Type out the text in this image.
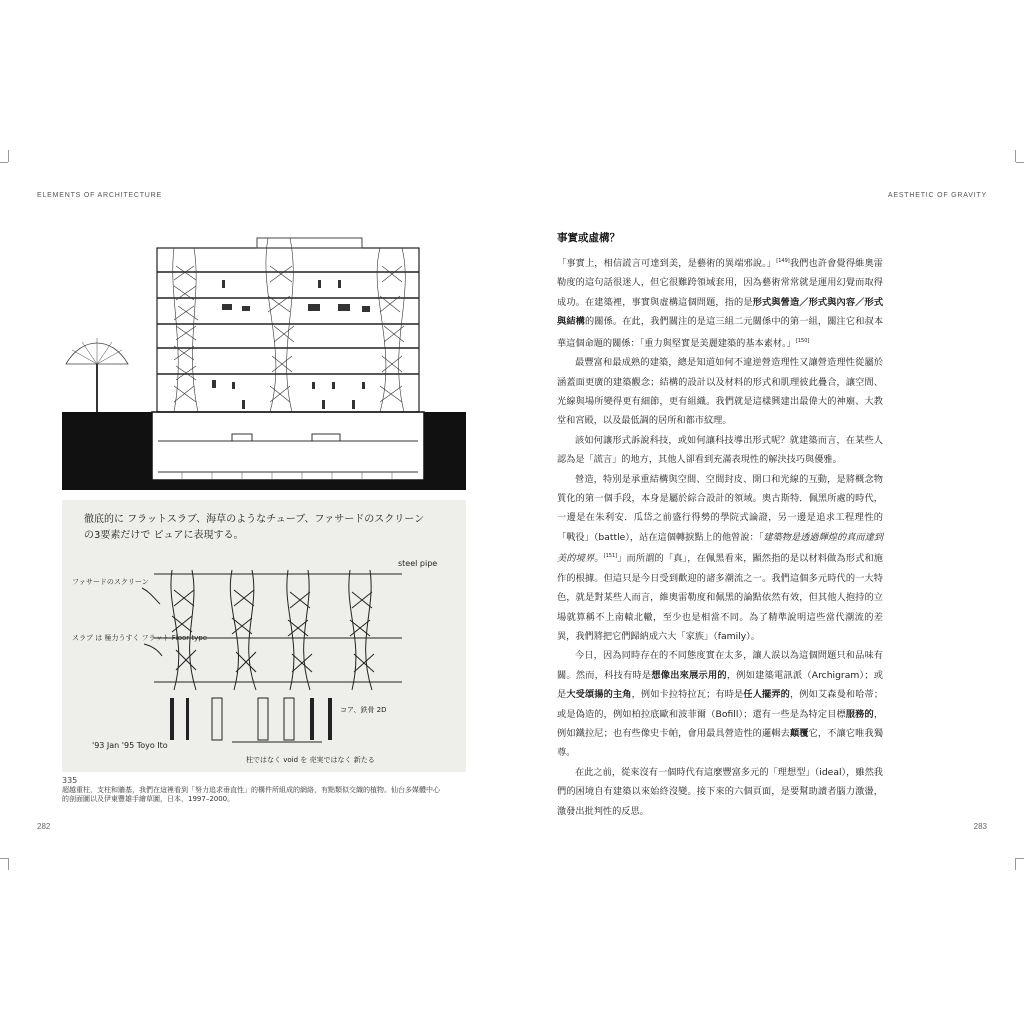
ELEMENTS OF ARCHITECTURE	AESTHETIC OF GRAVITY
徹底的に フラットスラブ、海草のようなチューブ、ファサードのスクリーン
の3要素だけで ピュアに表現する。
steel pipe
ファサードのスクリーン
スラブ は 極力うすく フラット Floor type
コア、鉄骨 2D
'93 Jan '95 Toyo Ito
柱ではなく void を 売実ではなく 新たる
335
超越重柱，支柱和牆基，我們在這裡看到「努力追求垂直性」的構件所組成的網絡，有點類似交織的植物。仙台多媒體中心
的剖面圖以及伊東豐雄手繪草圖，日本，1997–2000。
282	283
事實或虛構？

「事實上，相信謊言可達到美，是藝術的異端邪說。」[149]我們也許會覺得維奧雷勒度的這句話很迷人，但它很難跨領域套用，因為藝術常常就是運用幻覺而取得成功。在建築裡，事實與虛構這個問題，指的是形式與營造／形式與內容／形式與結構的關係。在此，我們關注的是這三組二元關係中的第一組，關注它和叔本華這個命題的關係：「重力與堅實是美麗建築的基本素材。」[150]

最豐富和最成熟的建築，總是知道如何不違逆營造理性又讓營造理性從屬於涵蓋面更廣的建築觀念；結構的設計以及材料的形式和肌理彼此疊合，讓空間、光線與場所變得更有細節，更有組織。我們就是這樣興建出最偉大的神廟、大教堂和宮殿，以及最低調的居所和都市紋理。

該如何讓形式訴說科技，或如何讓科技導出形式呢？就建築而言，在某些人認為是「謊言」的地方，其他人卻看到充滿表現性的解決技巧與優雅。

營造，特別是承重結構與空間、空間封皮、開口和光線的互動，是將概念物質化的第一個手段，本身是屬於綜合設計的領域。奧古斯特．佩黑所處的時代，一邊是在朱利安．瓜岱之前盛行得勢的學院式論證，另一邊是追求工程理性的「戰役」（battle），站在這個轉捩點上的他曾說：「建築物是透過輝煌的真而達到美的境界。[151]」而所謂的「真」，在佩黑看來，顯然指的是以材料做為形式和施作的根據。但這只是今日受到歡迎的諸多潮流之一。我們這個多元時代的一大特色，就是對某些人而言，維奧雷勒度和佩黑的論點依然有效，但其他人抱持的立場就算稱不上南轅北轍，至少也是相當不同。為了精準說明這些當代潮流的差異，我們將把它們歸納成六大「家族」（family）。

今日，因為同時存在的不同態度實在太多，讓人誤以為這個問題只和品味有關。然而，科技有時是想像出來展示用的，例如建築電訊派（Archigram）；或是大受頌揚的主角，例如卡拉特拉瓦；有時是任人擺弄的，例如艾森曼和哈蒂；或是偽造的，例如柏拉底歐和波菲爾（Bofill）；還有一些是為特定目標服務的，例如鐵拉尼；也有些像史卡帕，會用最具營造性的邏輯去顛覆它，不讓它唯我獨尊。

在此之前，從來沒有一個時代有這麼豐富多元的「理想型」（ideal），雖然我們的困境自有建築以來始終沒變。接下來的六個頁面，是要幫助讀者腦力激盪，激發出批判性的反思。
